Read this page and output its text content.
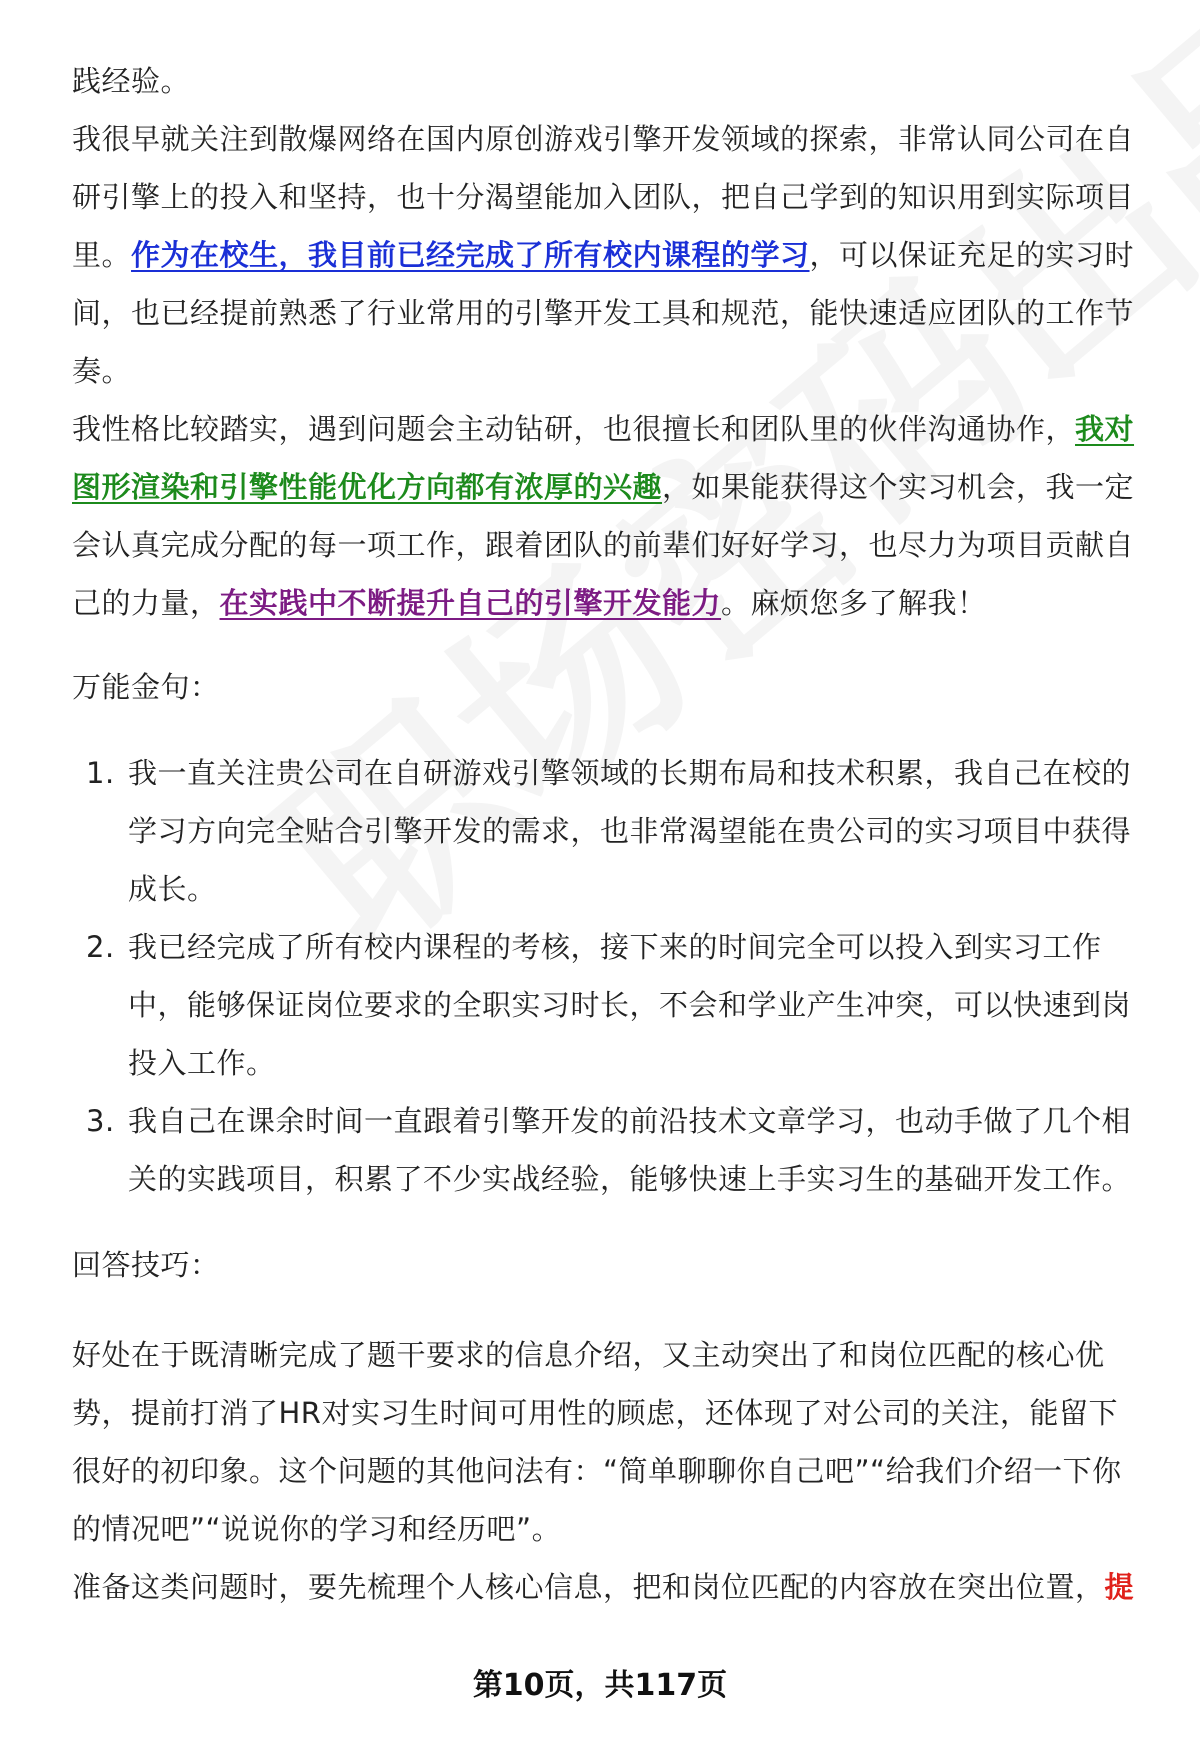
践经验。

我很早就关注到散爆网络在国内原创游戏引擎开发领域的探索，非常认同公司在自研引擎上的投入和坚持，也十分渴望能加入团队，把自己学到的知识用到实际项目里。作为在校生，我目前已经完成了所有校内课程的学习，可以保证充足的实习时间，也已经提前熟悉了行业常用的引擎开发工具和规范，能快速适应团队的工作节奏。

我性格比较踏实，遇到问题会主动钻研，也很擅长和团队里的伙伴沟通协作，我对图形渲染和引擎性能优化方向都有浓厚的兴趣，如果能获得这个实习机会，我一定会认真完成分配的每一项工作，跟着团队的前辈们好好学习，也尽力为项目贡献自己的力量，在实践中不断提升自己的引擎开发能力。麻烦您多了解我！

万能金句：

1. 我一直关注贵公司在自研游戏引擎领域的长期布局和技术积累，我自己在校的学习方向完全贴合引擎开发的需求，也非常渴望能在贵公司的实习项目中获得成长。
2. 我已经完成了所有校内课程的考核，接下来的时间完全可以投入到实习工作中，能够保证岗位要求的全职实习时长，不会和学业产生冲突，可以快速到岗投入工作。
3. 我自己在课余时间一直跟着引擎开发的前沿技术文章学习，也动手做了几个相关的实践项目，积累了不少实战经验，能够快速上手实习生的基础开发工作。

回答技巧：

好处在于既清晰完成了题干要求的信息介绍，又主动突出了和岗位匹配的核心优势，提前打消了HR对实习生时间可用性的顾虑，还体现了对公司的关注，能留下很好的初印象。这个问题的其他问法有：“简单聊聊你自己吧”“给我们介绍一下你的情况吧”“说说你的学习和经历吧”。

准备这类问题时，要先梳理个人核心信息，把和岗位匹配的内容放在突出位置，提

第10页，共117页
